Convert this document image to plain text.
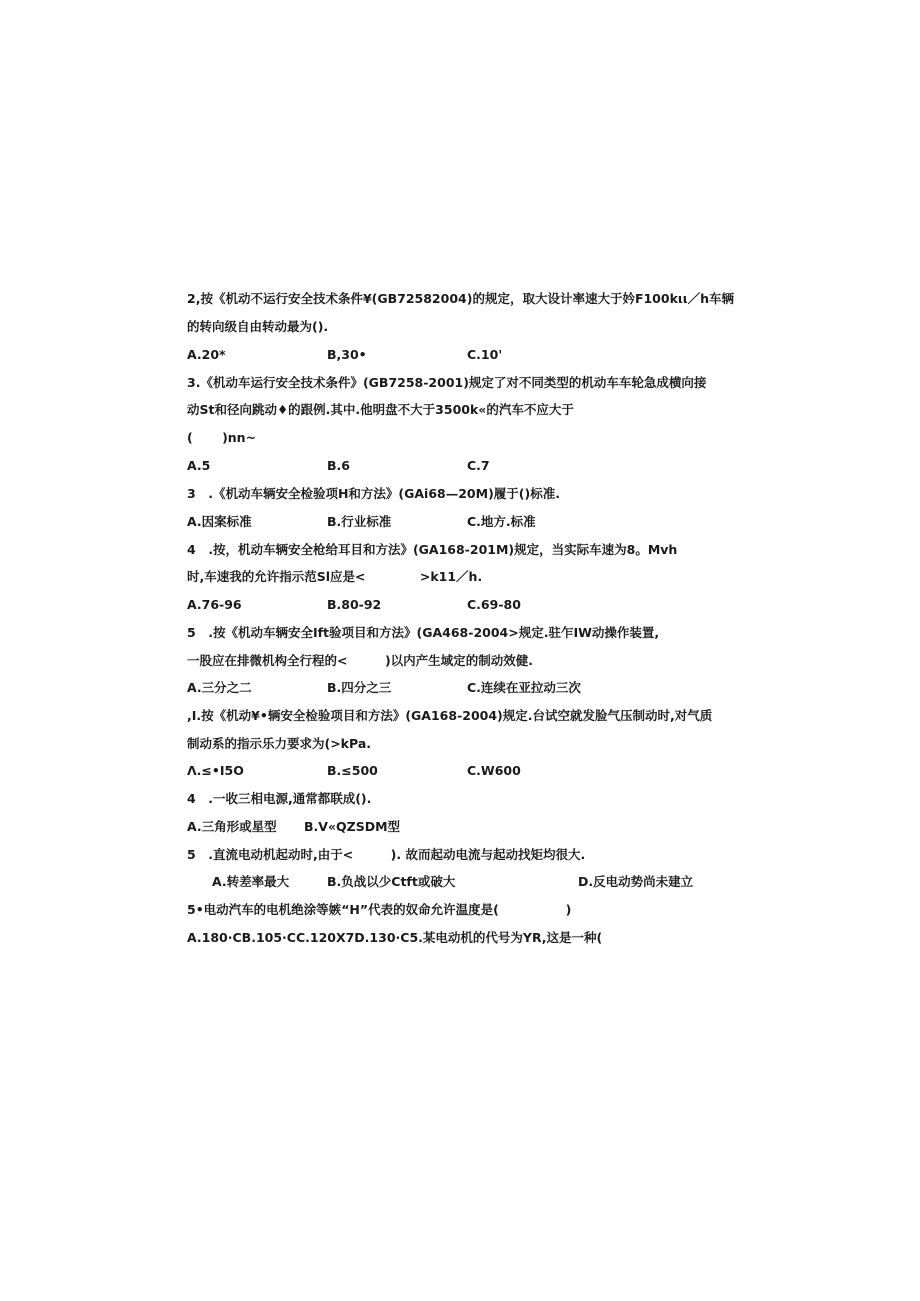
2,按《机动不运行安全技术条件¥(GB72582004)的规定，取大设计率速大于妗F100kιι／h车辆
的转向级自由转动最为().
A.20*	B,30•	C.10'
3.《机动车运行安全技术条件》(GB7258-2001)规定了对不同类型的机动车车轮急成横向接
动St和径向跳动♦的跟例.其中.他明盘不大于3500k«的汽车不应大于
(　　 )nn~
A.5	B.6	C.7
3　.《机动车辆安全检验项H和方法》(GAi68—20M)履于()标准.
A.因案标准	B.行业标准	C.地方.标准
4　.按，机动车辆安全枪给耳目和方法》(GA168-201M)规定，当实际车速为8。Mvh
时,车速我的允许指示范Sl应是<　　　　 >k11／h.
A.76-96	B.80-92	C.69-80
5　.按《机动车辆安全Ift验项目和方法》(GA468-2004>规定.驻乍IW动操作装置,
一股应在排微机构全行程的<　　　)以内产生域定的制动效健.
A.三分之二	B.四分之三	C.连续在亚拉动三次
,I.按《机动¥•辆安全检验项目和方法》(GA168-2004)规定.台试空就发脸气压制动时,对气质
制动系的指示乐力要求为(>kPa.
Λ.≤•I5O	B.≤500	C.W600
4　.一收三相电源,通常都联成().
A.三角形或星型 B.V«QZSDM型
5　.直流电动机起动时,由于<　　　). 故而起动电流与起动找矩均很大.
A.转差率最大	B.负战以少Ctft或破大	D.反电动势尚未建立
5•电动汽车的电机绝涂等嫉“H”代表的奴命允许温度是(　　　　　 )
A.180∙CB.105∙CC.120X7D.130∙C5.某电动机的代号为YR,这是一种(
